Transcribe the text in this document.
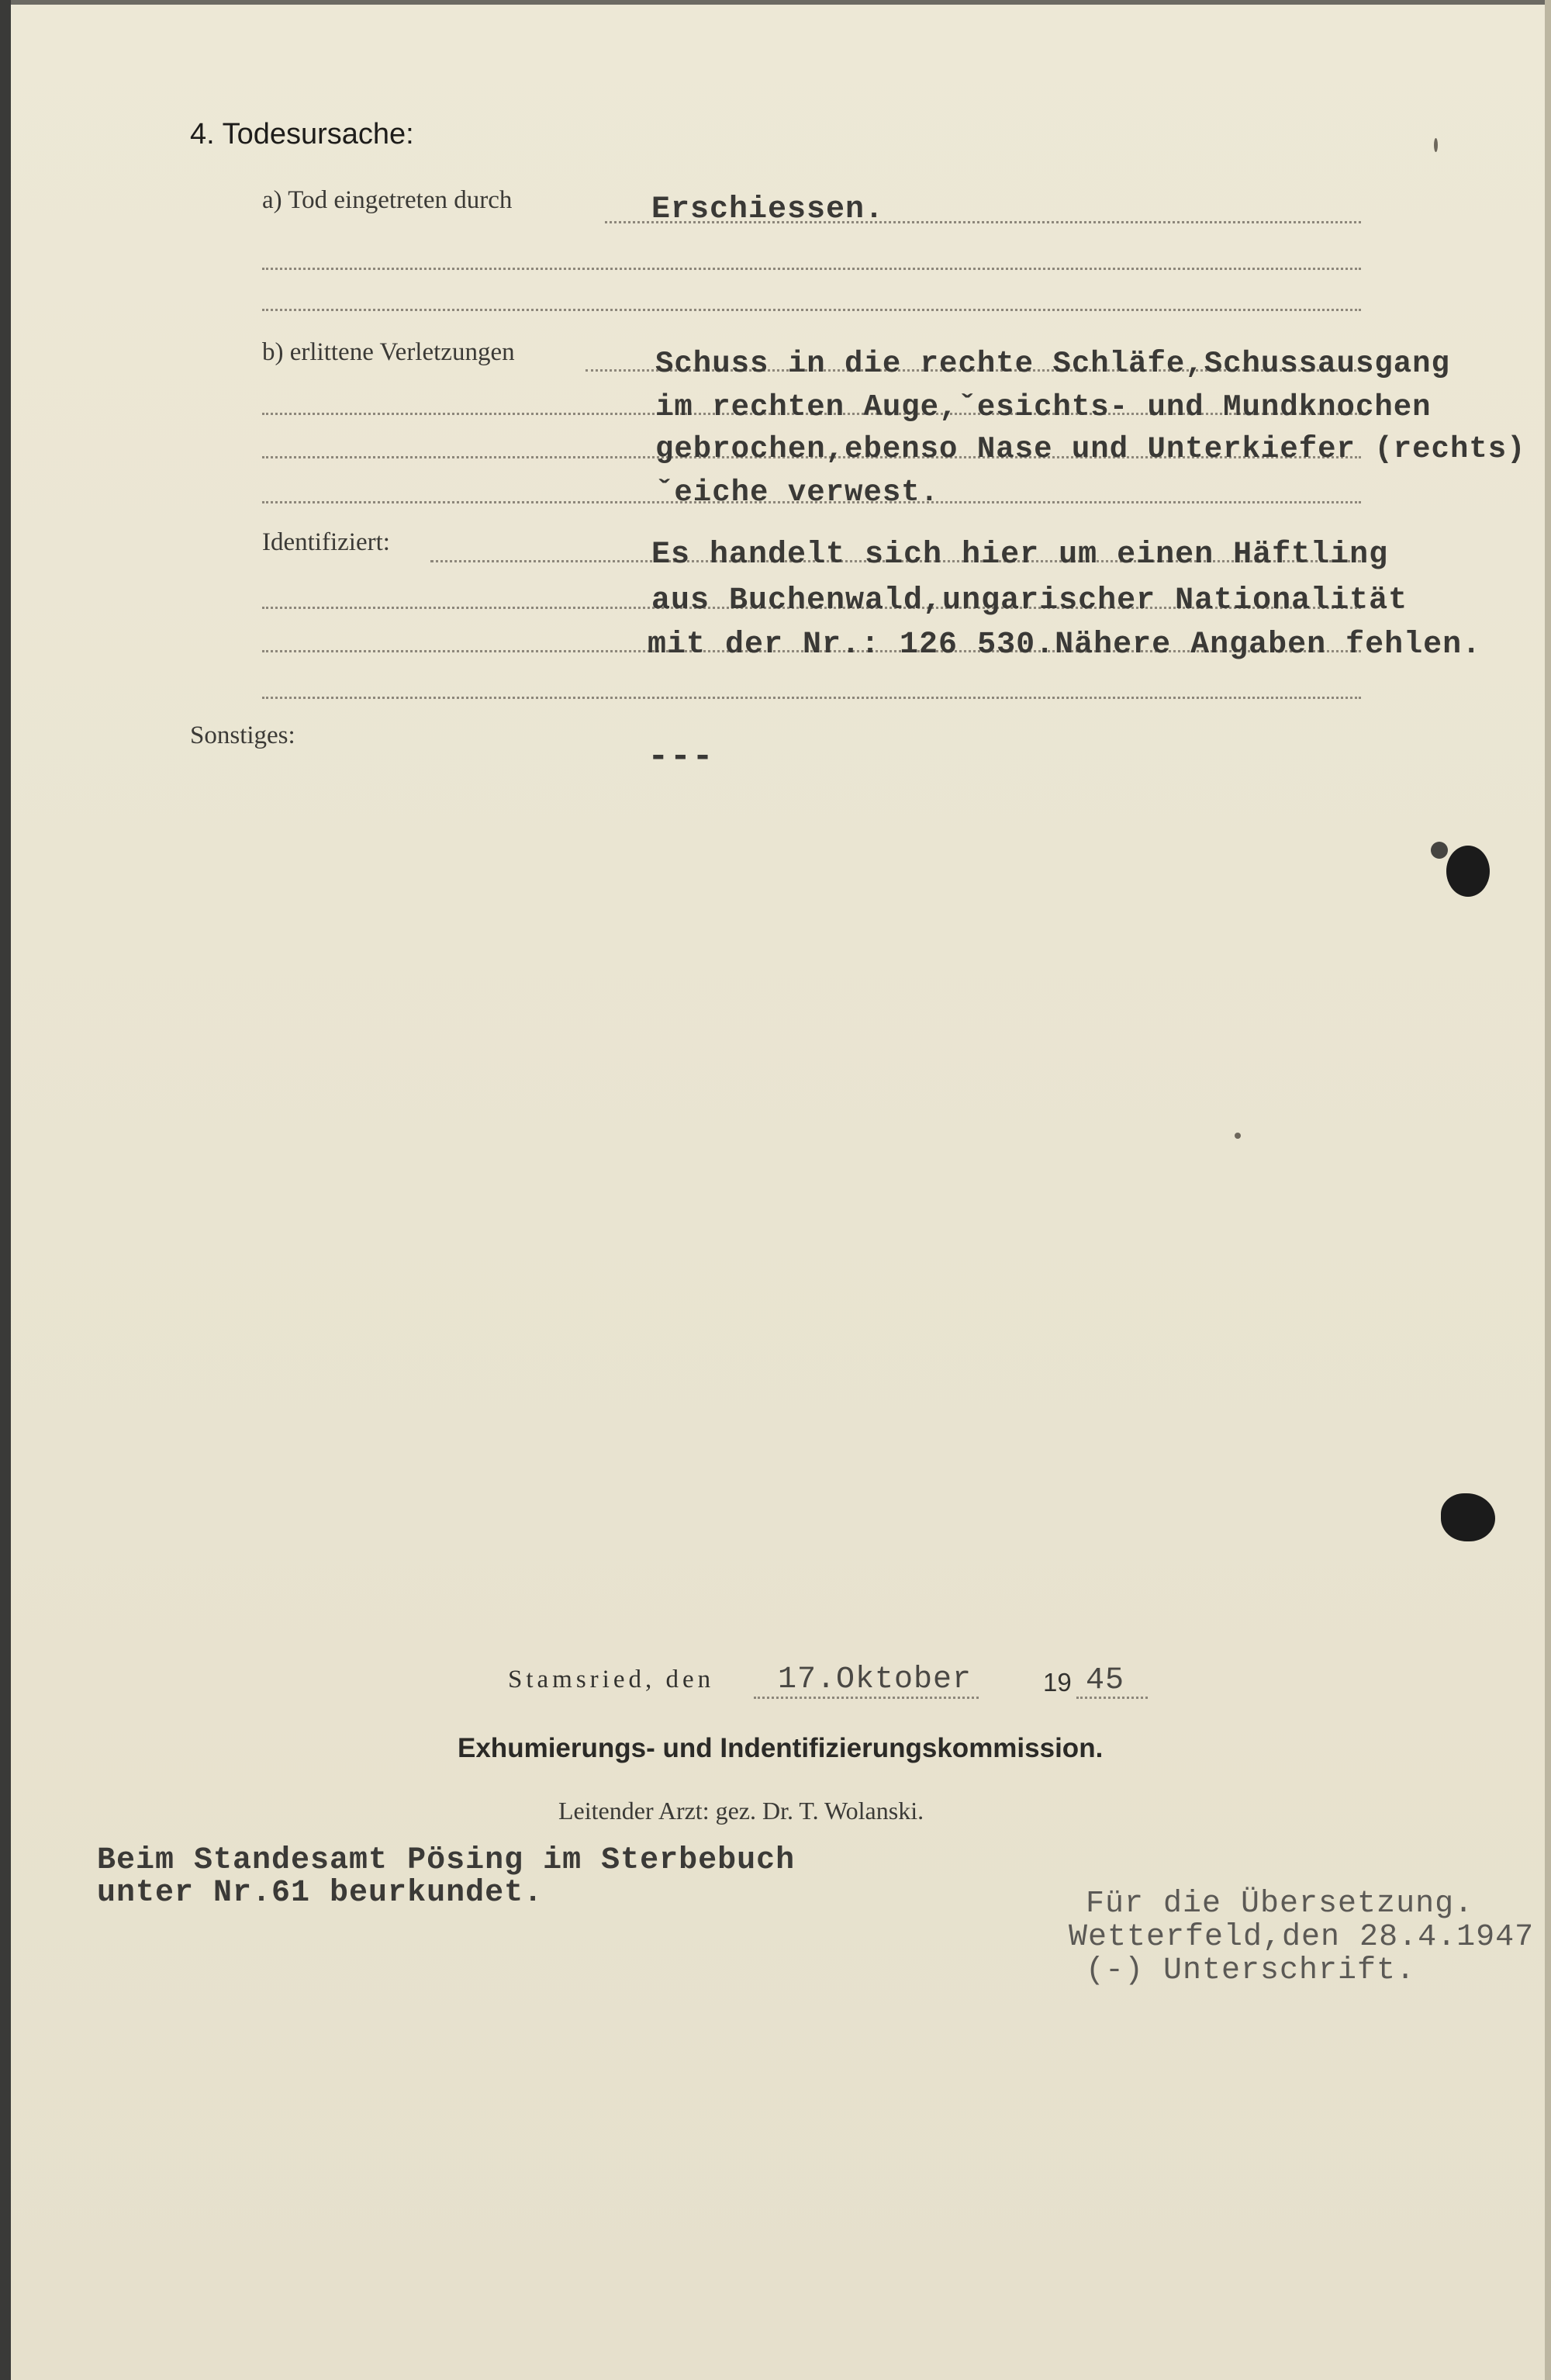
4. Todesursache:
a) Tod eingetreten durch	Erschiessen.
b) erlittene Verletzungen	Schuss in die rechte Schläfe,Schussausgang
im rechten Auge,ˇesichts- und Mundknochen
gebrochen,ebenso Nase und Unterkiefer (rechts)
ˇeiche verwest.
Identifiziert:	Es handelt sich hier um einen Häftling
aus Buchenwald,ungarischer Nationalität
mit der Nr.: 126 530.Nähere Angaben fehlen.
Sonstiges:
---
Stamsried, den 17.Oktober	19 45
Exhumierungs- und Indentifizierungskommission.
Leitender Arzt: gez. Dr. T. Wolanski.
Beim Standesamt Pösing im Sterbebuch
unter Nr.61 beurkundet.	Für die Übersetzung.
Wetterfeld,den 28.4.1947
(-) Unterschrift.
